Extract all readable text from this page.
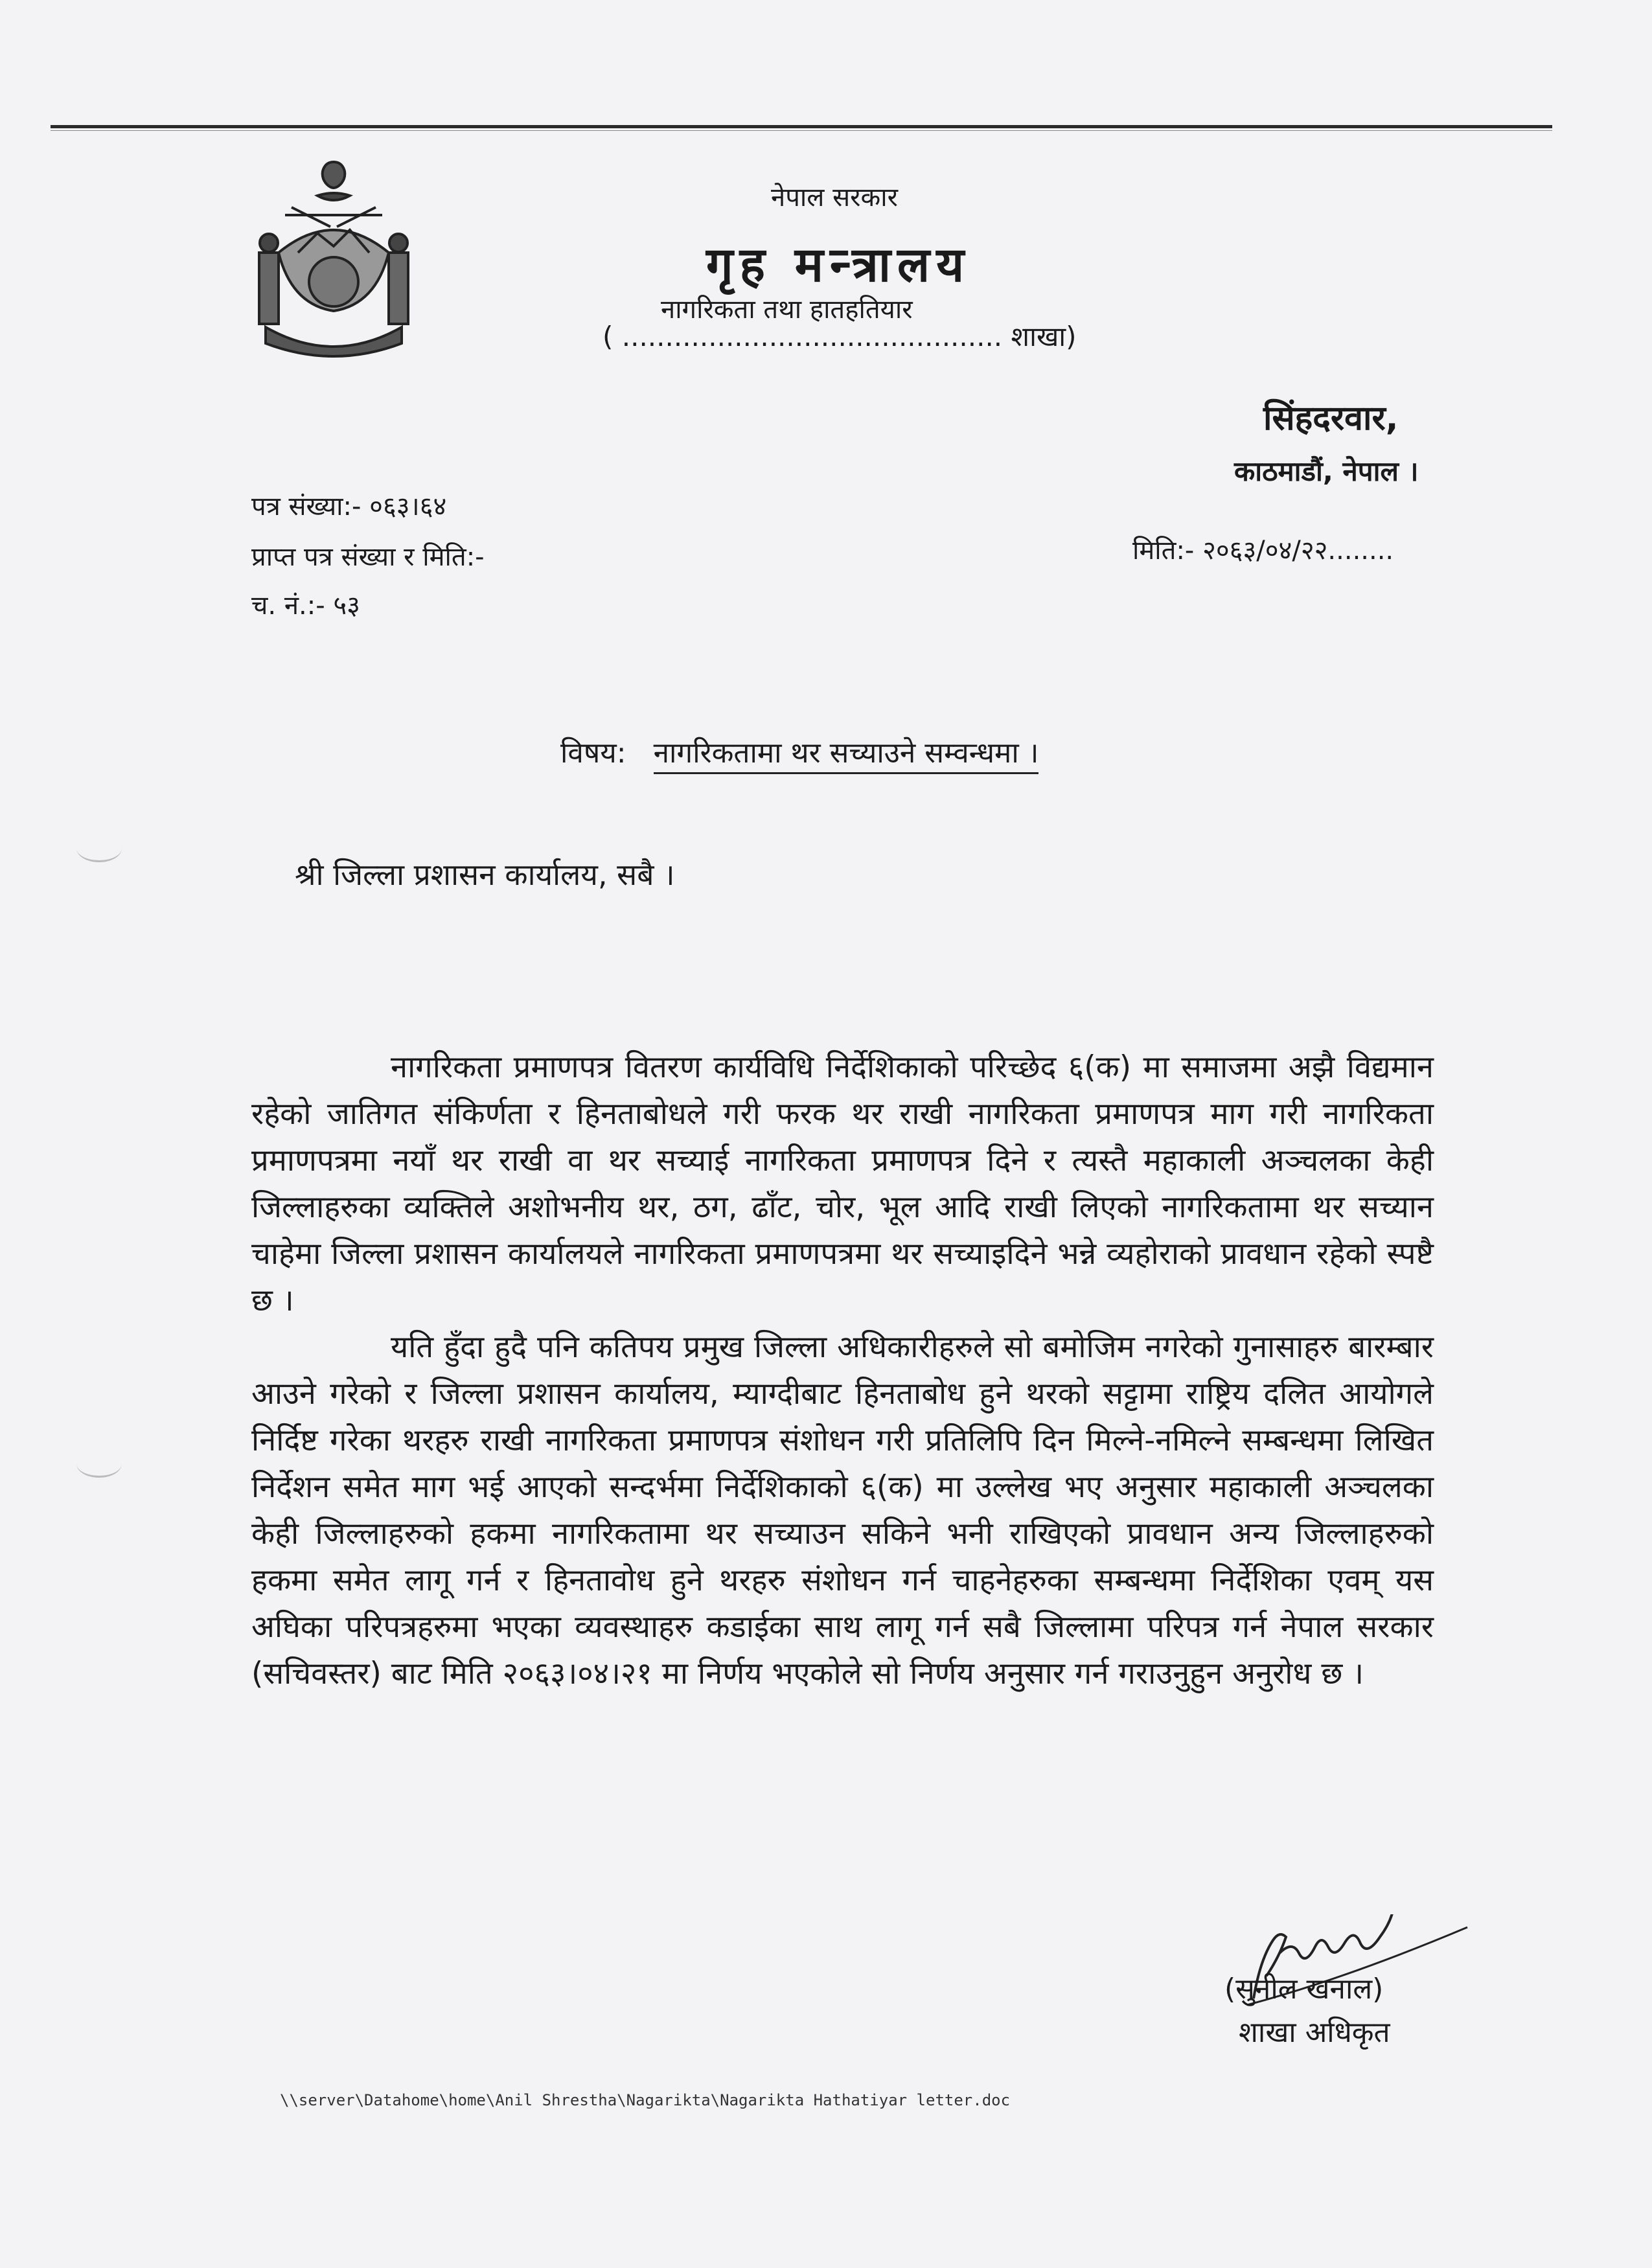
नेपाल सरकार
गृह मन्त्रालय
नागरिकता तथा हातहतियार
( ............................................ शाखा)
सिंहदरवार,
काठमाडौं, नेपाल ।
पत्र संख्या:- ०६३।६४
प्राप्त पत्र संख्या र मिति:-
च. नं.:- ५३
मिति:- २०६३/०४/२२........
विषय: नागरिकतामा थर सच्याउने सम्वन्धमा ।
श्री जिल्ला प्रशासन कार्यालय, सबै ।

नागरिकता प्रमाणपत्र वितरण कार्यविधि निर्देशिकाको परिच्छेद ६(क) मा समाजमा अझै विद्यमान रहेको जातिगत संकिर्णता र हिनताबोधले गरी फरक थर राखी नागरिकता प्रमाणपत्र माग गरी नागरिकता प्रमाणपत्रमा नयाँ थर राखी वा थर सच्याई नागरिकता प्रमाणपत्र दिने र त्यस्तै महाकाली अञ्चलका केही जिल्लाहरुका व्यक्तिले अशोभनीय थर, ठग, ढाँट, चोर, भूल आदि राखी लिएको नागरिकतामा थर सच्यान चाहेमा जिल्ला प्रशासन कार्यालयले नागरिकता प्रमाणपत्रमा थर सच्याइदिने भन्ने व्यहोराको प्रावधान रहेको स्पष्टै छ ।

यति हुँदा हुदै पनि कतिपय प्रमुख जिल्ला अधिकारीहरुले सो बमोजिम नगरेको गुनासाहरु बारम्बार आउने गरेको र जिल्ला प्रशासन कार्यालय, म्याग्दीबाट हिनताबोध हुने थरको सट्टामा राष्ट्रिय दलित आयोगले निर्दिष्ट गरेका थरहरु राखी नागरिकता प्रमाणपत्र संशोधन गरी प्रतिलिपि दिन मिल्ने-नमिल्ने सम्बन्धमा लिखित निर्देशन समेत माग भई आएको सन्दर्भमा निर्देशिकाको ६(क) मा उल्लेख भए अनुसार महाकाली अञ्चलका केही जिल्लाहरुको हकमा नागरिकतामा थर सच्याउन सकिने भनी राखिएको प्रावधान अन्य जिल्लाहरुको हकमा समेत लागू गर्न र हिनतावोध हुने थरहरु संशोधन गर्न चाहनेहरुका सम्बन्धमा निर्देशिका एवम् यस अघिका परिपत्रहरुमा भएका व्यवस्थाहरु कडाईका साथ लागू गर्न सबै जिल्लामा परिपत्र गर्न नेपाल सरकार (सचिवस्तर) बाट मिति २०६३।०४।२१ मा निर्णय भएकोले सो निर्णय अनुसार गर्न गराउनुहुन अनुरोध छ ।

(सुनील खनाल)
शाखा अधिकृत
\\server\Datahome\home\Anil Shrestha\Nagarikta\Nagarikta Hathatiyar letter.doc
